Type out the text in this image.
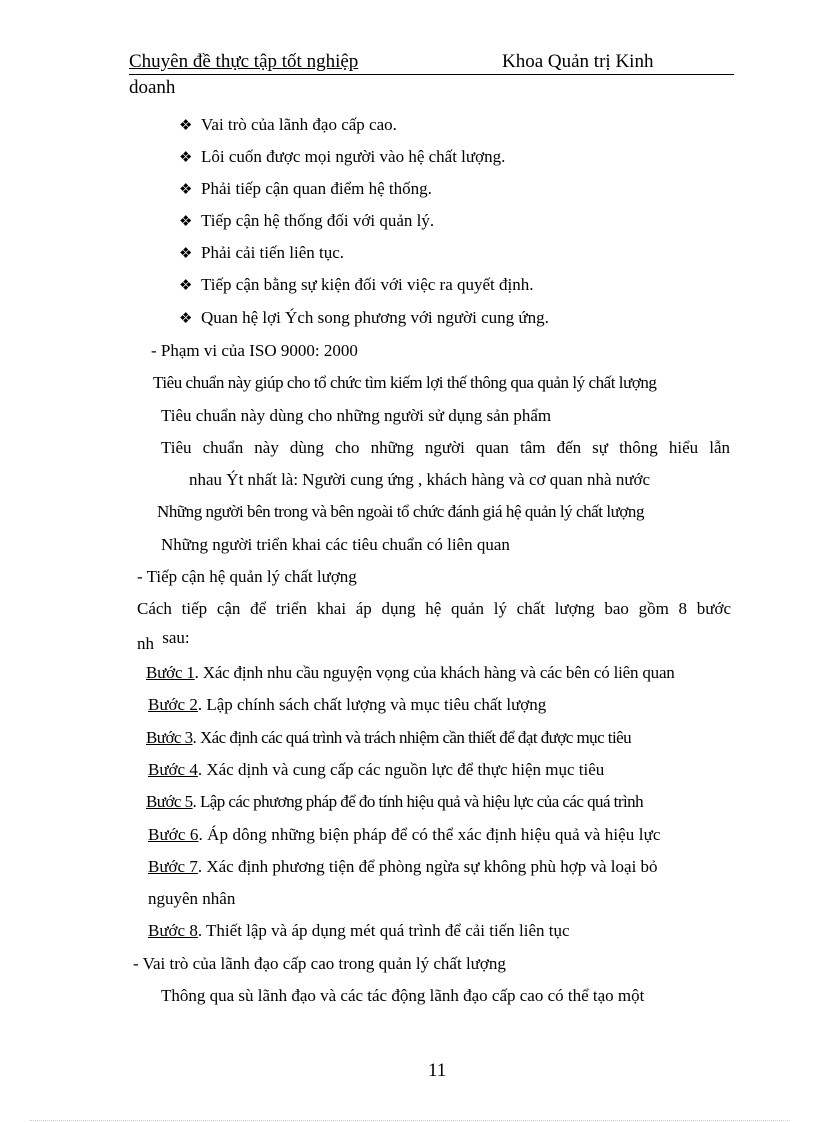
Chuyên đề thực tập tốt nghiệp	Khoa Quản trị Kinh
doanh
❖ Vai trò của lãnh đạo cấp cao.
❖ Lôi cuốn được mọi người vào hệ chất lượng.
❖ Phải tiếp cận quan điểm hệ thống.
❖ Tiếp cận hệ thống đối với quản lý.
❖ Phải cải tiến liên tục.
❖ Tiếp cận bằng sự kiện đối với việc ra quyết định.
❖ Quan hệ lợi Ých song phương với người cung ứng.
- Phạm vi của ISO 9000: 2000
Tiêu chuẩn này giúp cho tổ chức tìm kiếm lợi thế thông qua quản lý chất lượng
Tiêu chuẩn này dùng cho những người sử dụng sản phẩm
Tiêu chuẩn này dùng cho những người quan tâm đến sự thông hiểu lẫn
nhau Ýt nhất là: Người cung ứng , khách hàng và cơ quan nhà nước
Những người bên trong và bên ngoài tổ chức đánh giá hệ quản lý chất lượng
Những người triển khai các tiêu chuẩn có liên quan
- Tiếp cận hệ quản lý chất lượng
Cách tiếp cận để triển khai áp dụng hệ quản lý chất lượng bao gồm 8 bước
nh sau:
Bước 1. Xác định nhu cầu nguyện vọng của khách hàng và các bên có liên quan
Bước 2. Lập chính sách chất lượng và mục tiêu chất lượng
Bước 3. Xác định các quá trình và trách nhiệm cần thiết để đạt được mục tiêu
Bước 4. Xác dịnh và cung cấp các nguồn lực để thực hiện mục tiêu
Bước 5. Lập các phương pháp để đo tính hiệu quả và hiệu lực của các quá trình
Bước 6. Áp dông những biện pháp để có thể xác định hiệu quả và hiệu lực
Bước 7. Xác định phương tiện để phòng ngừa sự không phù hợp và loại bỏ
nguyên nhân
Bước 8. Thiết lập và áp dụng mét quá trình để cải tiến liên tục
- Vai trò của lãnh đạo cấp cao trong quản lý chất lượng
Thông qua sù lãnh đạo và các tác động lãnh đạo cấp cao có thể tạo một
11
